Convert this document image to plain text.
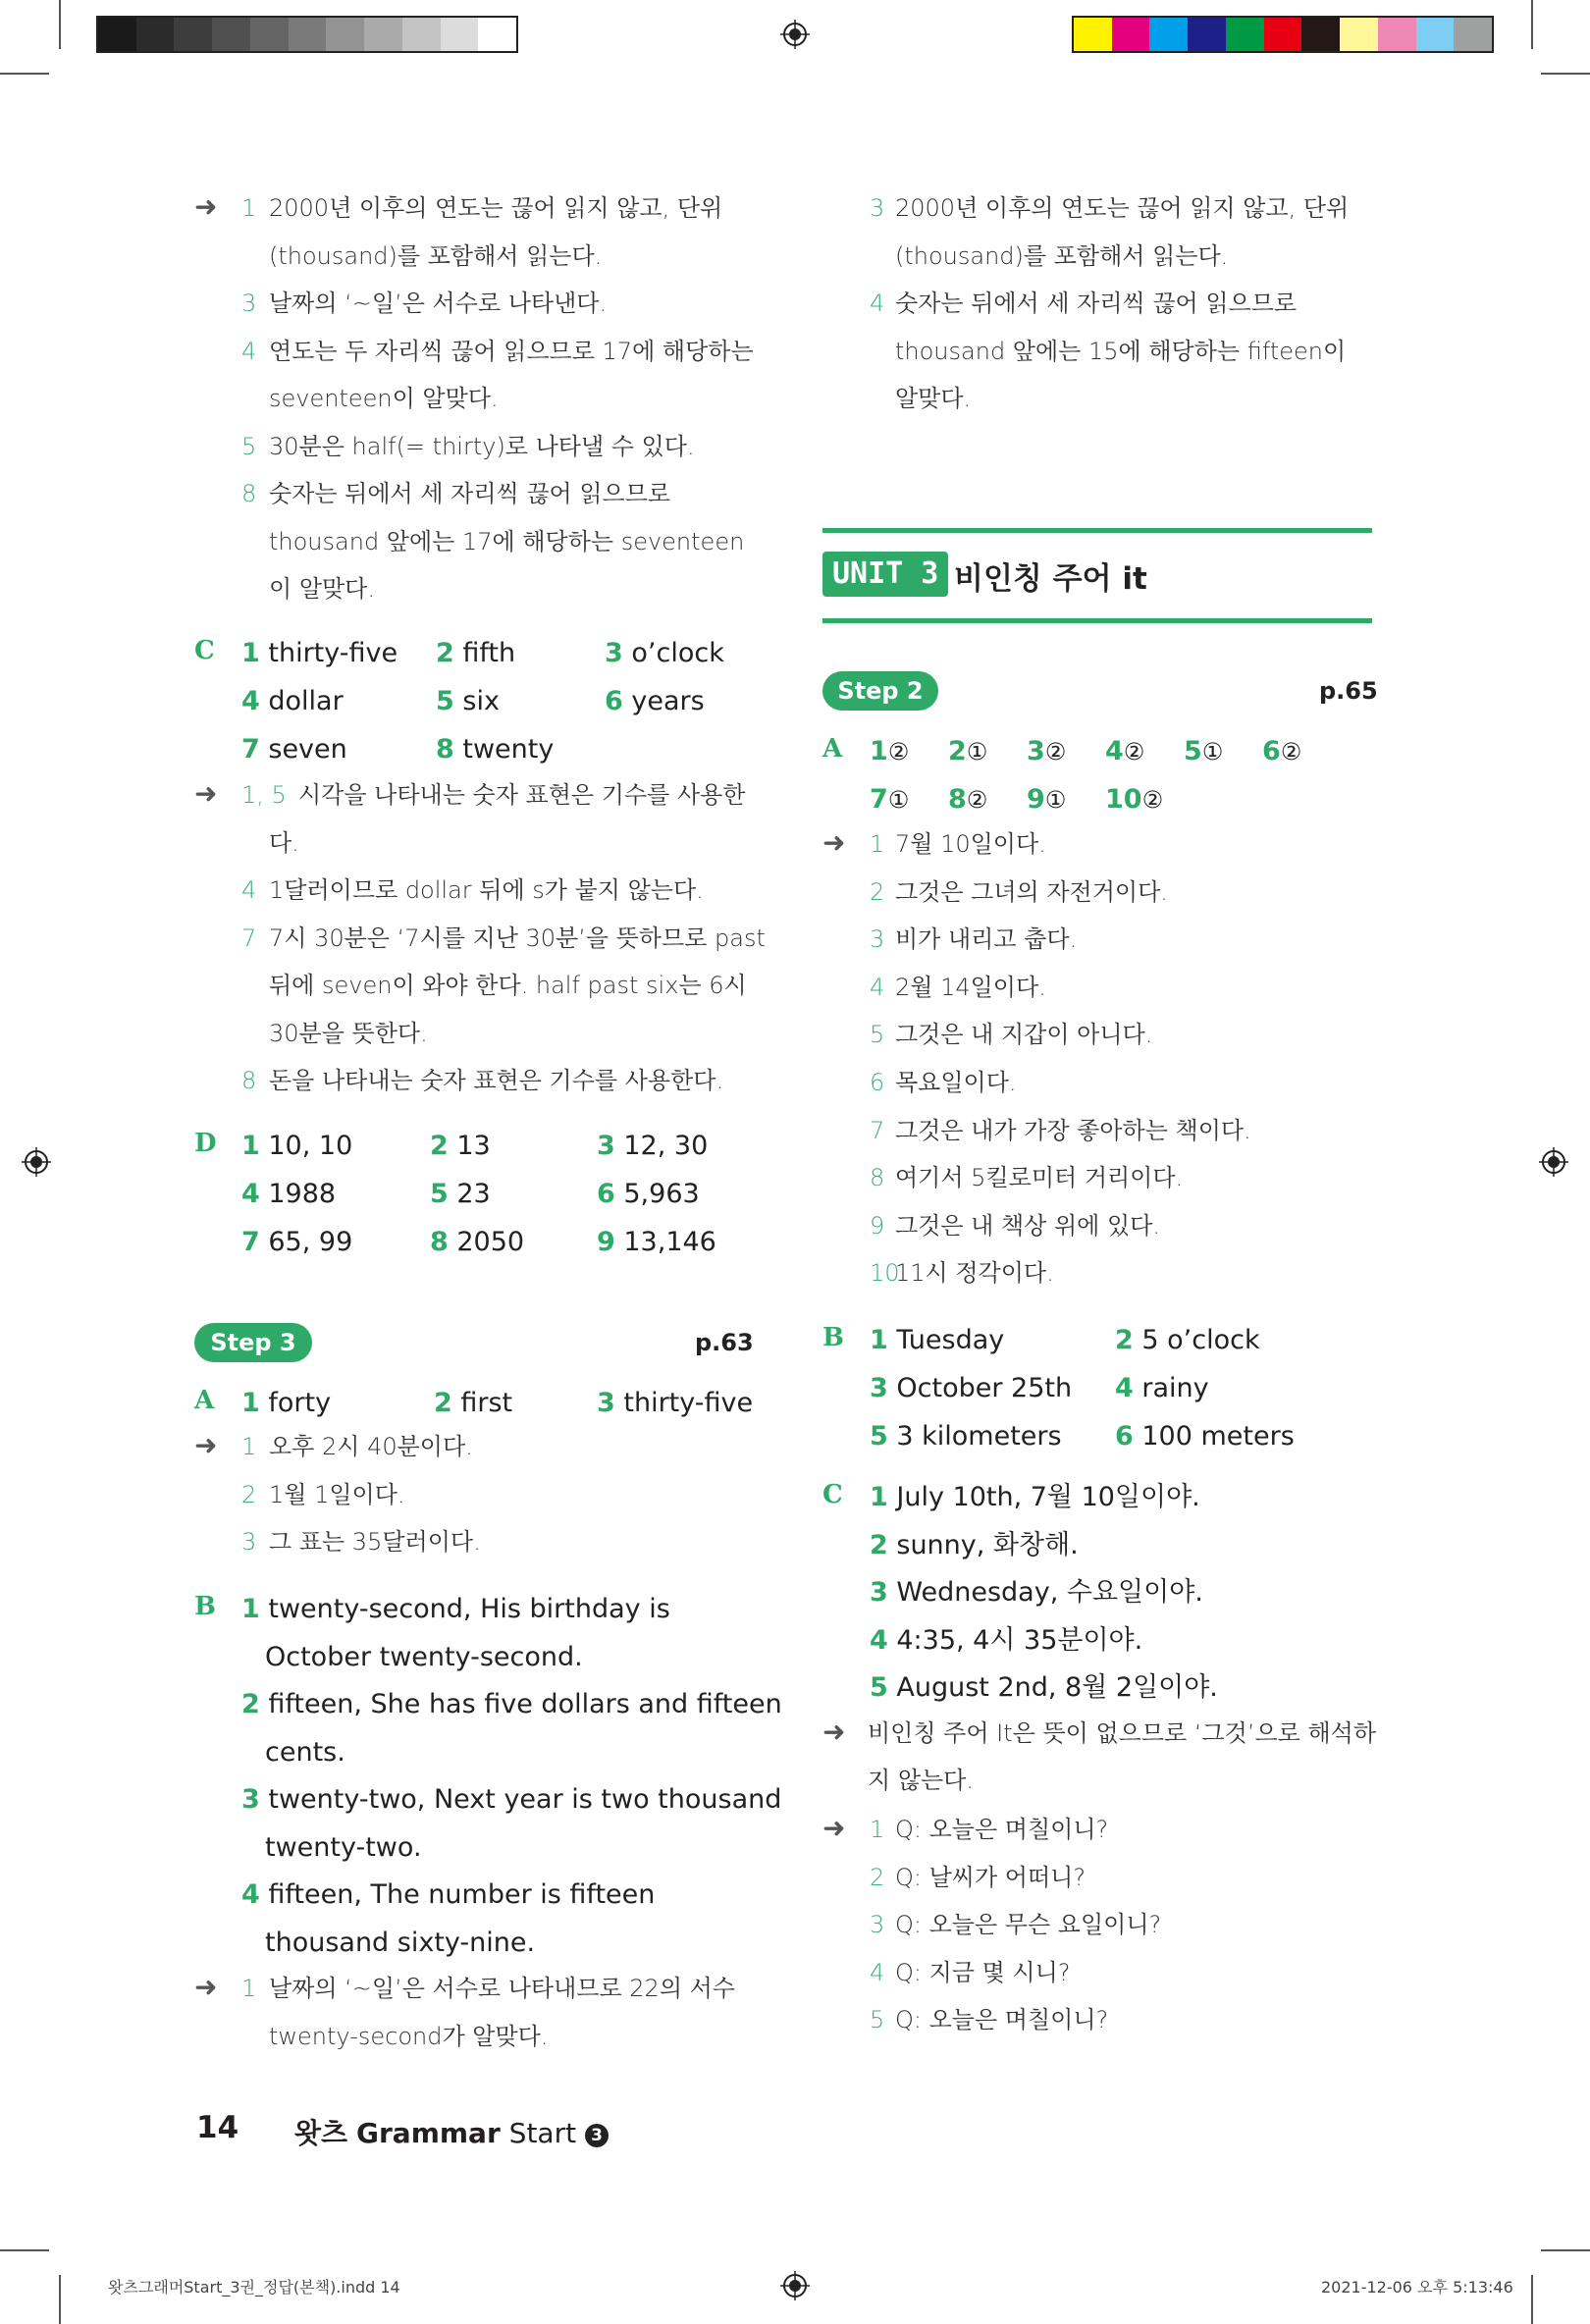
➜ 1 2000년 이후의 연도는 끊어 읽지 않고, 단위
(thousand)를 포함해서 읽는다.
3 날짜의 ‘~일’은 서수로 나타낸다.
4 연도는 두 자리씩 끊어 읽으므로 17에 해당하는
seventeen이 알맞다.
5 30분은 half(= thirty)로 나타낼 수 있다.
8 숫자는 뒤에서 세 자리씩 끊어 읽으므로
thousand 앞에는 17에 해당하는 seventeen
이 알맞다.
C 1 thirty-five 2 fifth	3 o’clock
4 dollar	5 six	6 years
7 seven	8 twenty
➜ 1, 5 시각을 나타내는 숫자 표현은 기수를 사용한
다.
4 1달러이므로 dollar 뒤에 s가 붙지 않는다.
7 7시 30분은 ‘7시를 지난 30분’을 뜻하므로 past
뒤에 seven이 와야 한다. half past six는 6시
30분을 뜻한다.
8 돈을 나타내는 숫자 표현은 기수를 사용한다.
D 1 10, 10	2 13	3 12, 30
4 1988	5 23	6 5,963
7 65, 99	8 2050	9 13,146
Step 3	p.63
A 1 forty	2 first	3 thirty-five
➜ 1 오후 2시 40분이다.
2 1월 1일이다.
3 그 표는 35달러이다.
B 1 twenty-second, His birthday is
October twenty-second.
2 fifteen, She has five dollars and fifteen
cents.
3 twenty-two, Next year is two thousand
twenty-two.
4 fifteen, The number is fifteen
thousand sixty-nine.
➜ 1 날짜의 ‘~일’은 서수로 나타내므로 22의 서수
twenty-second가 알맞다.
14 왓츠 Grammar Start 3
왓츠그래머Start_3권_정답(본책).indd 14	2021-12-06 오후 5:13:46
3 2000년 이후의 연도는 끊어 읽지 않고, 단위
(thousand)를 포함해서 읽는다.
4 숫자는 뒤에서 세 자리씩 끊어 읽으므로
thousand 앞에는 15에 해당하는 fifteen이
알맞다.
UNIT 3 비인칭 주어 it
Step 2	p.65
A 1② 2① 3② 4② 5① 6②
7① 8② 9① 10②
➜ 1 7월 10일이다.
2 그것은 그녀의 자전거이다.
3 비가 내리고 춥다.
4 2월 14일이다.
5 그것은 내 지갑이 아니다.
6 목요일이다.
7 그것은 내가 가장 좋아하는 책이다.
8 여기서 5킬로미터 거리이다.
9 그것은 내 책상 위에 있다.
10
11시 정각이다.
B 1 Tuesday	2 5 o’clock
3 October 25th 4 rainy
5 3 kilometers 6 100 meters
C 1 July 10th, 7월 10일이야.
2 sunny, 화창해.
3 Wednesday, 수요일이야.
4 4:35, 4시 35분이야.
5 August 2nd, 8월 2일이야.
➜ 비인칭 주어 It은 뜻이 없으므로 ‘그것’으로 해석하
지 않는다.
➜ 1 Q: 오늘은 며칠이니?
2 Q: 날씨가 어떠니?
3 Q: 오늘은 무슨 요일이니?
4 Q: 지금 몇 시니?
5 Q: 오늘은 며칠이니?
